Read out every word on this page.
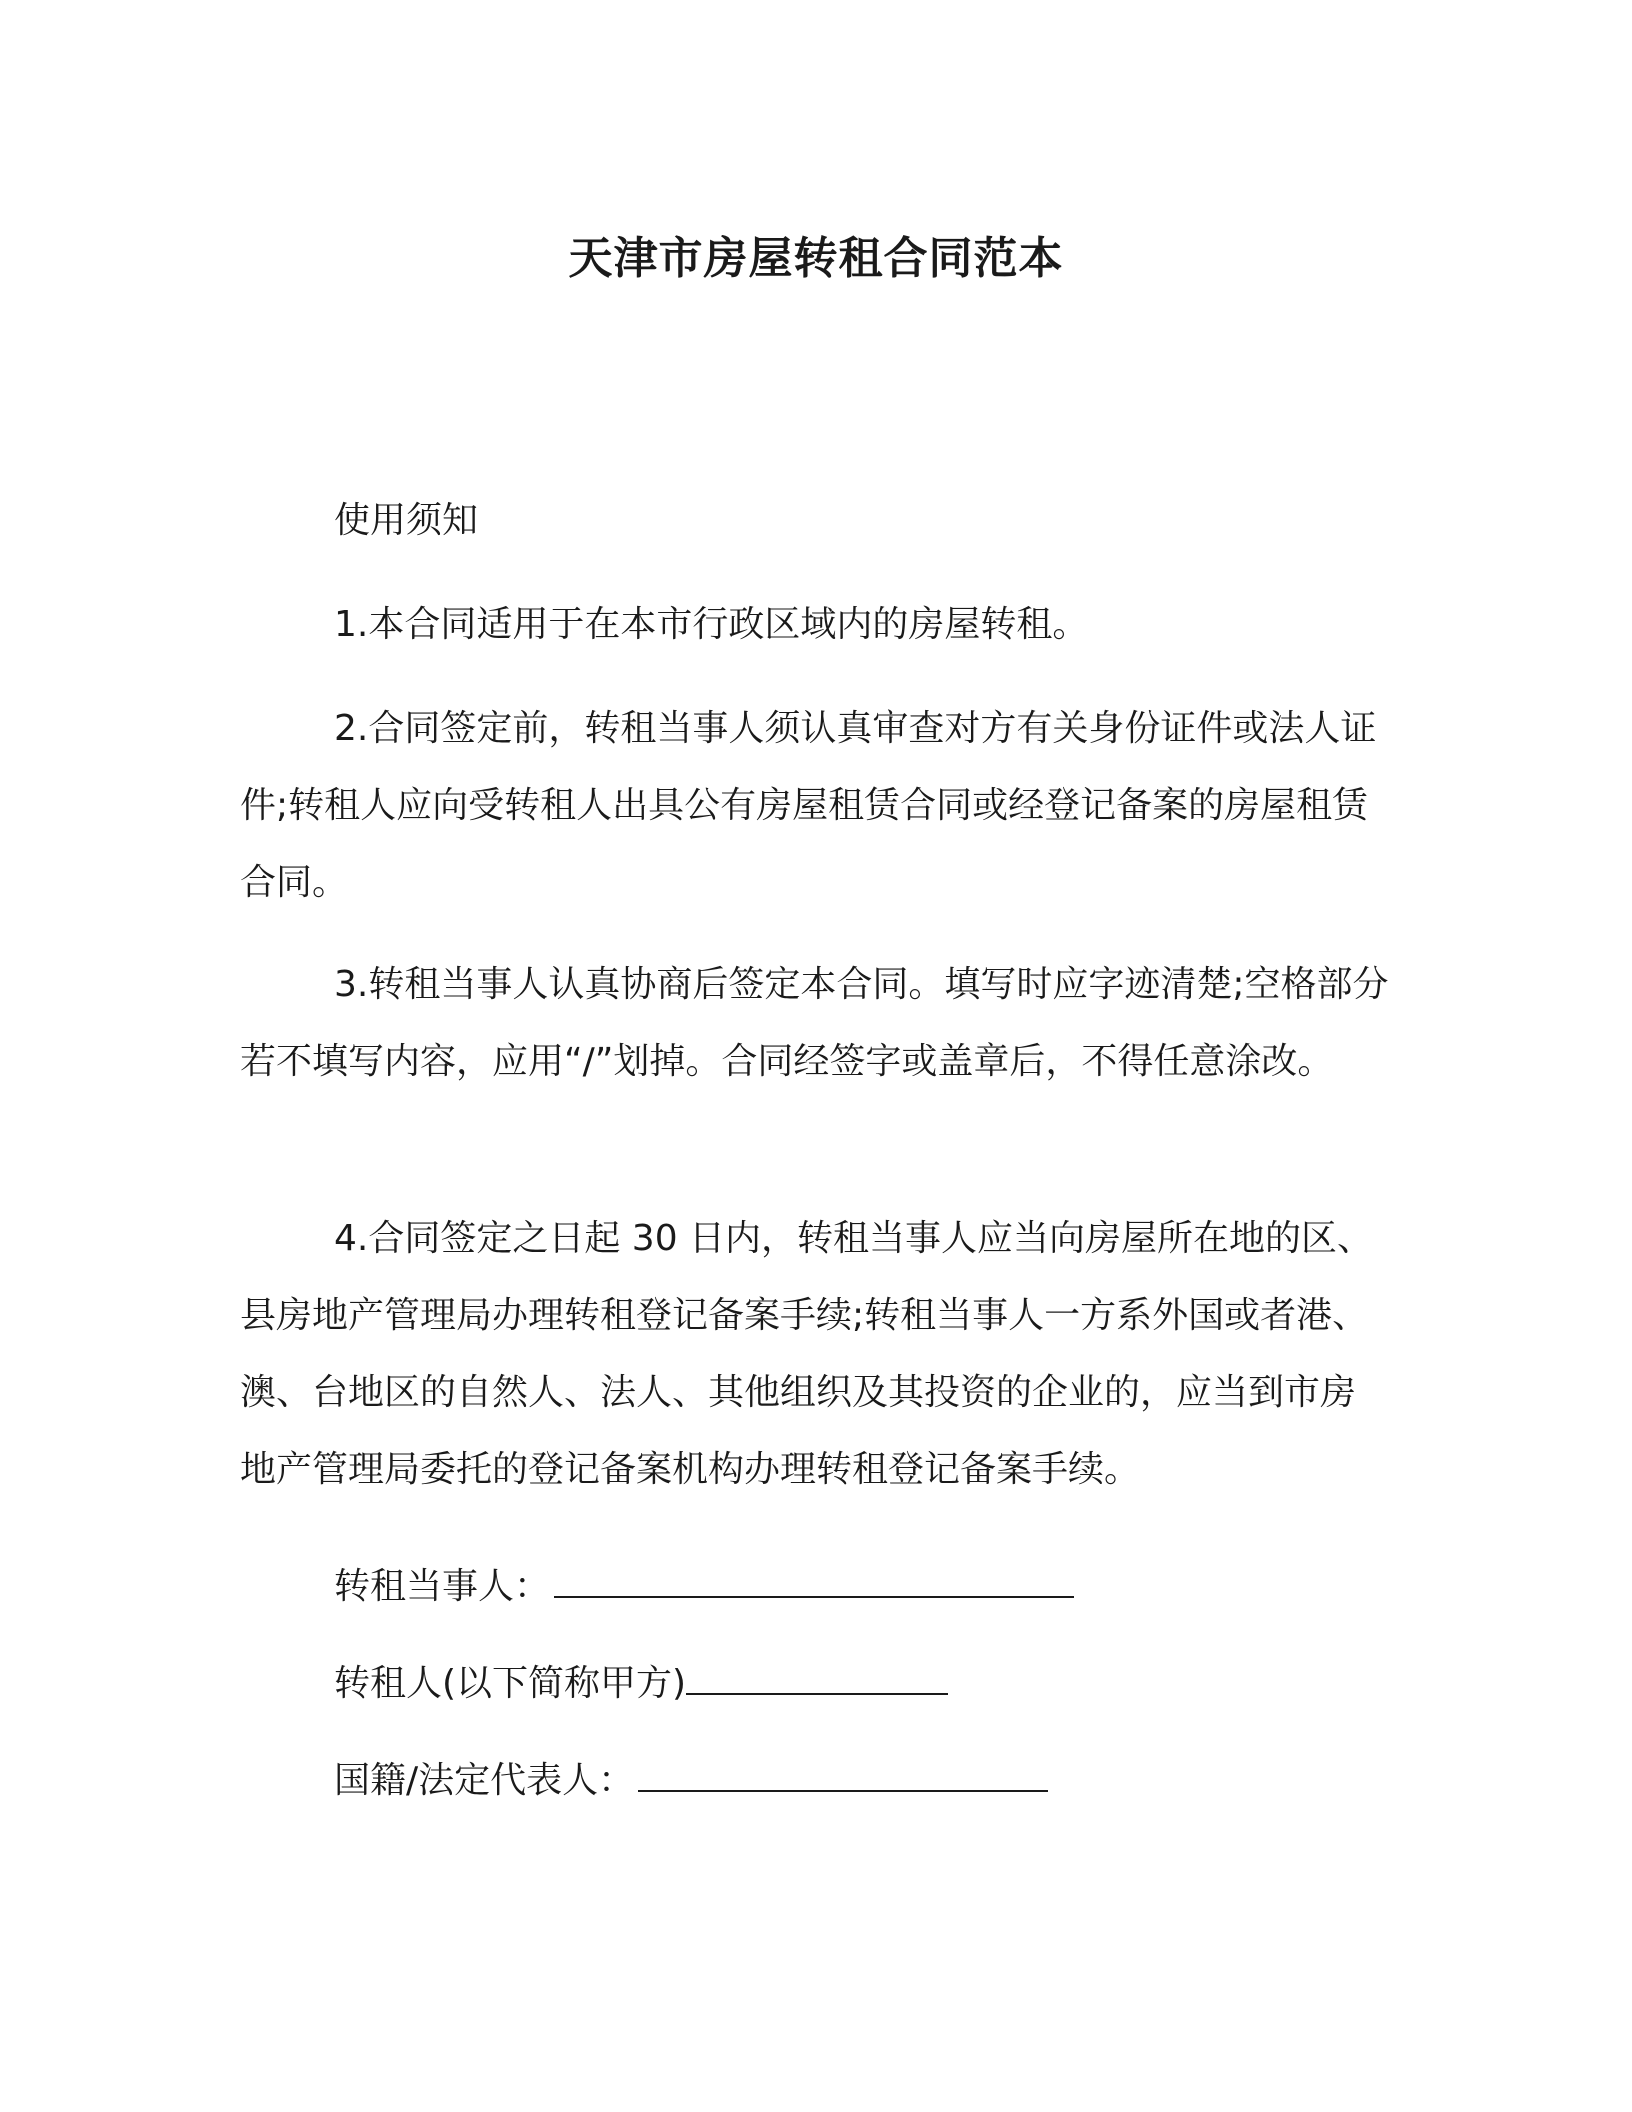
天津市房屋转租合同范本

使用须知

1.本合同适用于在本市行政区域内的房屋转租。

2.合同签定前，转租当事人须认真审查对方有关身份证件或法人证件;转租人应向受转租人出具公有房屋租赁合同或经登记备案的房屋租赁合同。

3.转租当事人认真协商后签定本合同。填写时应字迹清楚;空格部分若不填写内容，应用“/”划掉。合同经签字或盖章后，不得任意涂改。

4.合同签定之日起 30 日内，转租当事人应当向房屋所在地的区、县房地产管理局办理转租登记备案手续;转租当事人一方系外国或者港、澳、台地区的自然人、法人、其他组织及其投资的企业的，应当到市房地产管理局委托的登记备案机构办理转租登记备案手续。

转租当事人：

转租人(以下简称甲方)

国籍/法定代表人：
